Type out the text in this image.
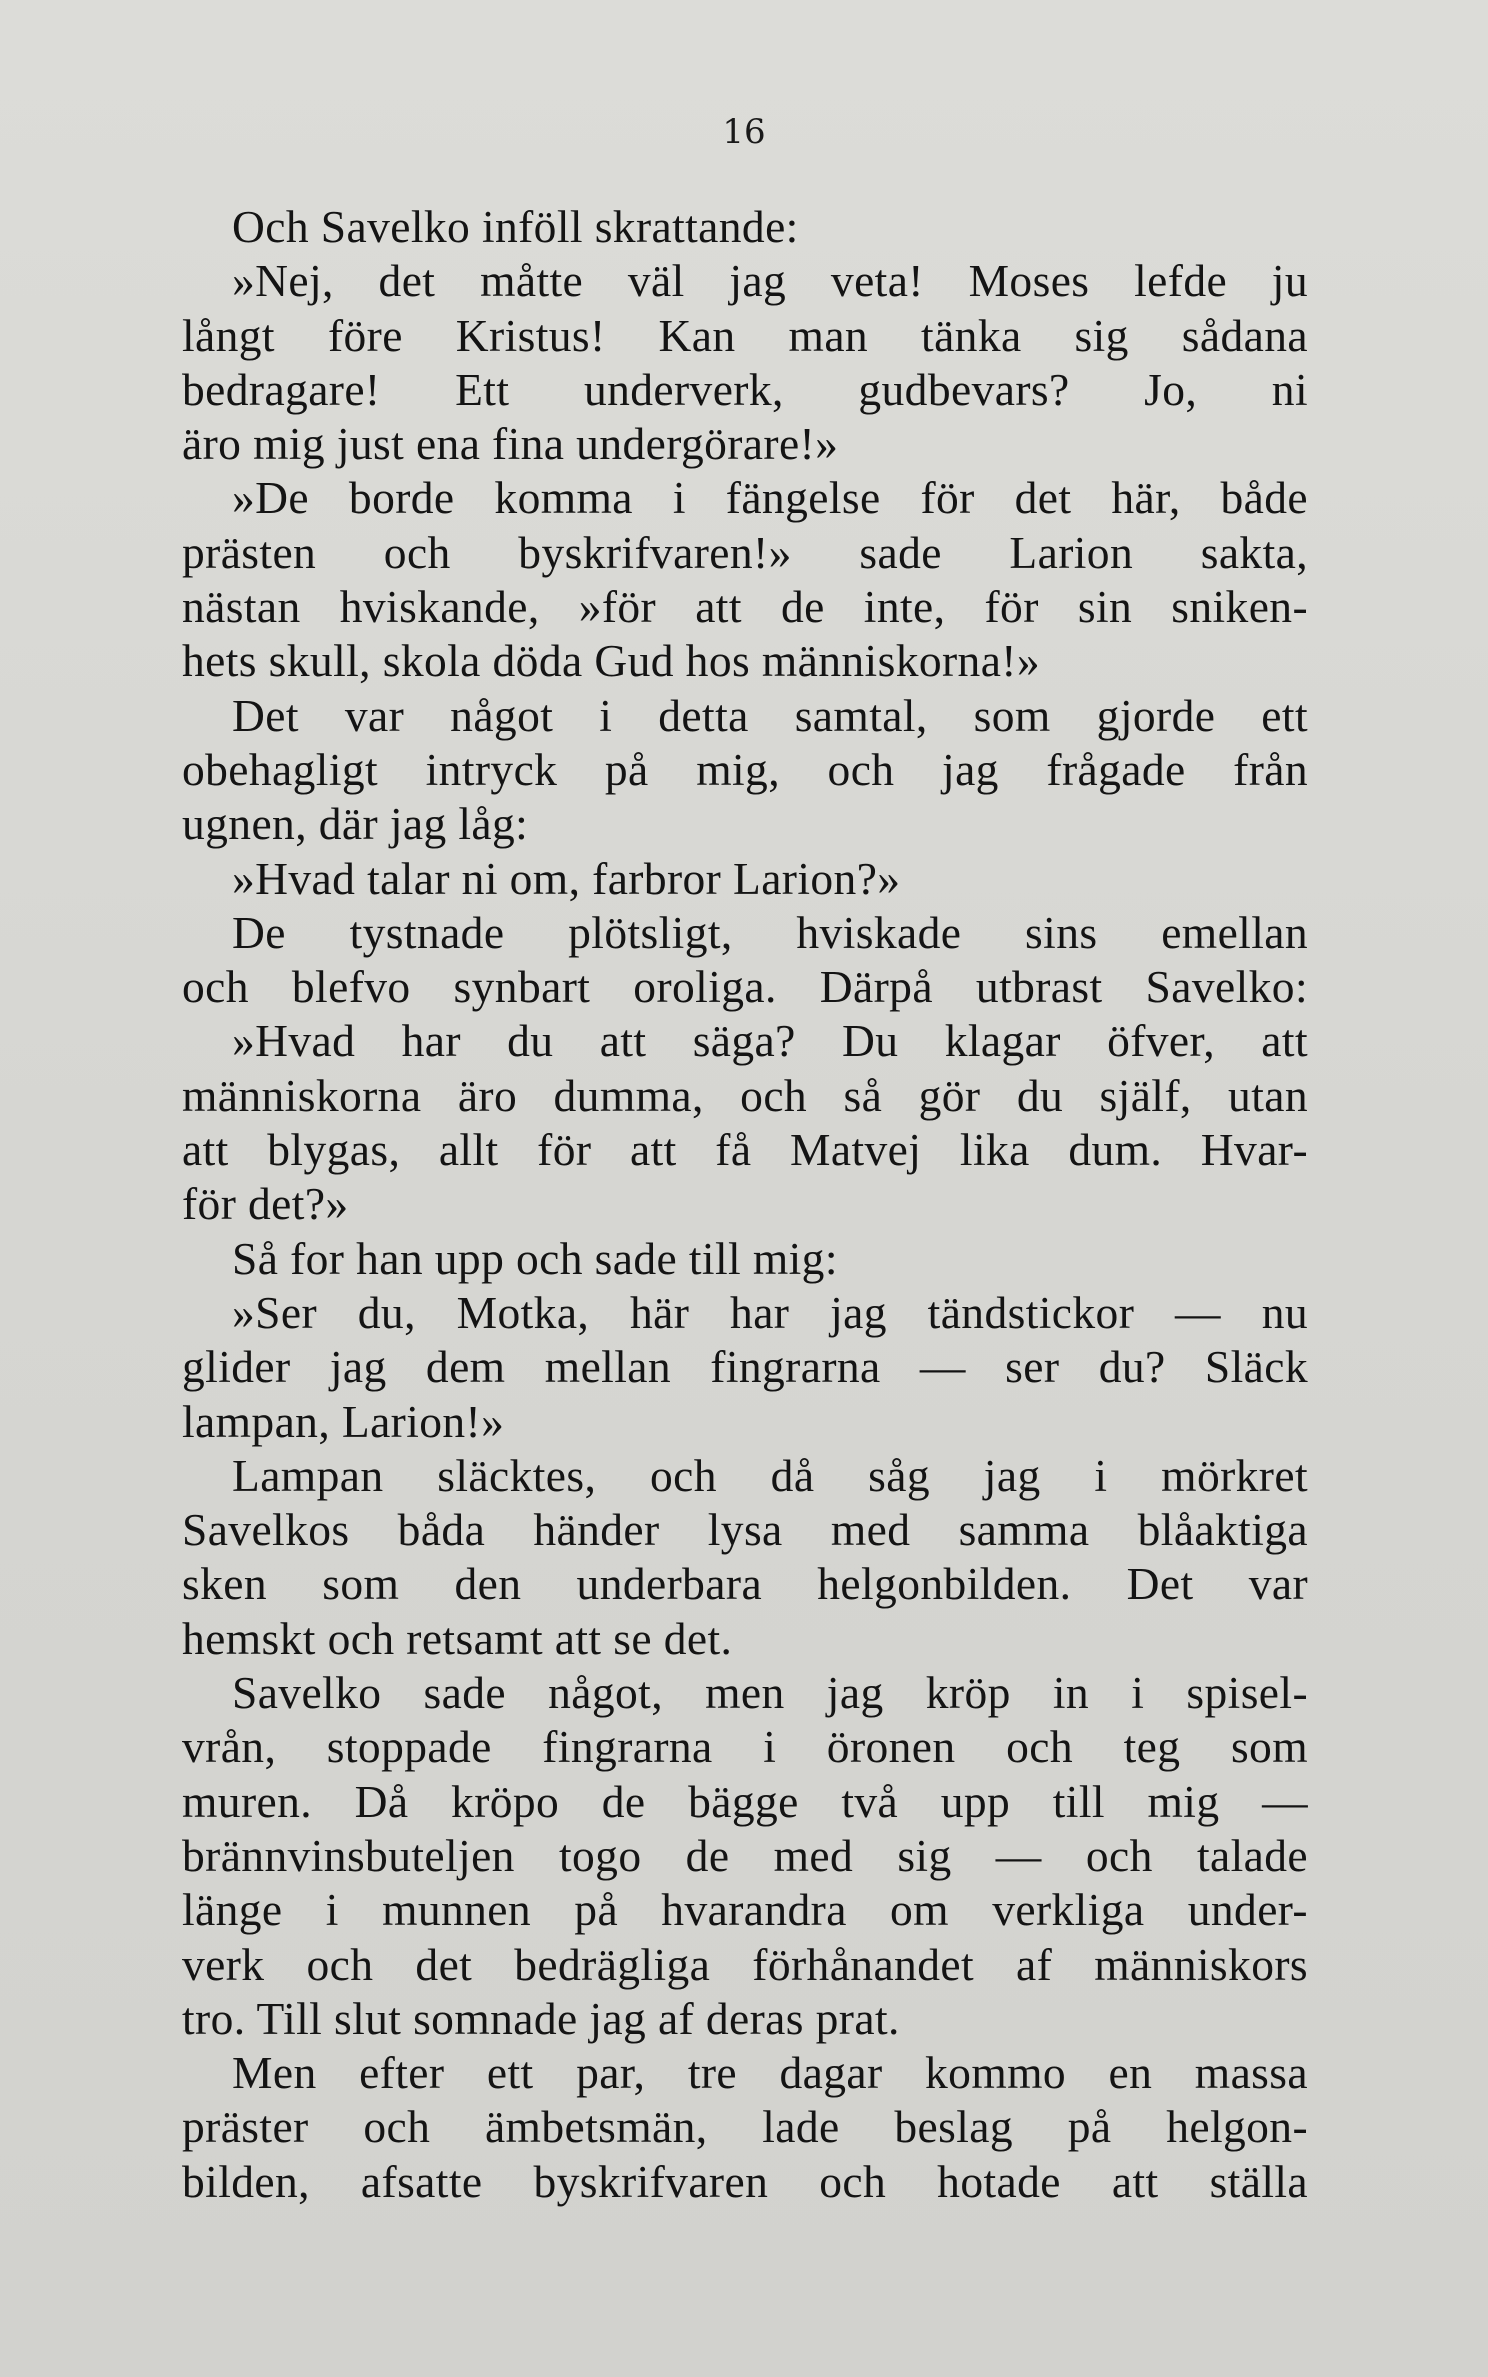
16
Och Savelko inföll skrattande:
»Nej, det måtte väl jag veta! Moses lefde ju
långt före Kristus! Kan man tänka sig sådana
bedragare! Ett underverk, gudbevars? Jo, ni
äro mig just ena fina undergörare!»
»De borde komma i fängelse för det här, både
prästen och byskrifvaren!» sade Larion sakta,
nästan hviskande, »för att de inte, för sin sniken-
hets skull, skola döda Gud hos människorna!»
Det var något i detta samtal, som gjorde ett
obehagligt intryck på mig, och jag frågade från
ugnen, där jag låg:
»Hvad talar ni om, farbror Larion?»
De tystnade plötsligt, hviskade sins emellan
och blefvo synbart oroliga. Därpå utbrast Savelko:
»Hvad har du att säga? Du klagar öfver, att
människorna äro dumma, och så gör du själf, utan
att blygas, allt för att få Matvej lika dum. Hvar-
för det?»
Så for han upp och sade till mig:
»Ser du, Motka, här har jag tändstickor — nu
glider jag dem mellan fingrarna — ser du? Släck
lampan, Larion!»
Lampan släcktes, och då såg jag i mörkret
Savelkos båda händer lysa med samma blåaktiga
sken som den underbara helgonbilden. Det var
hemskt och retsamt att se det.
Savelko sade något, men jag kröp in i spisel-
vrån, stoppade fingrarna i öronen och teg som
muren. Då kröpo de bägge två upp till mig —
brännvinsbuteljen togo de med sig — och talade
länge i munnen på hvarandra om verkliga under-
verk och det bedrägliga förhånandet af människors
tro. Till slut somnade jag af deras prat.
Men efter ett par, tre dagar kommo en massa
präster och ämbetsmän, lade beslag på helgon-
bilden, afsatte byskrifvaren och hotade att ställa
